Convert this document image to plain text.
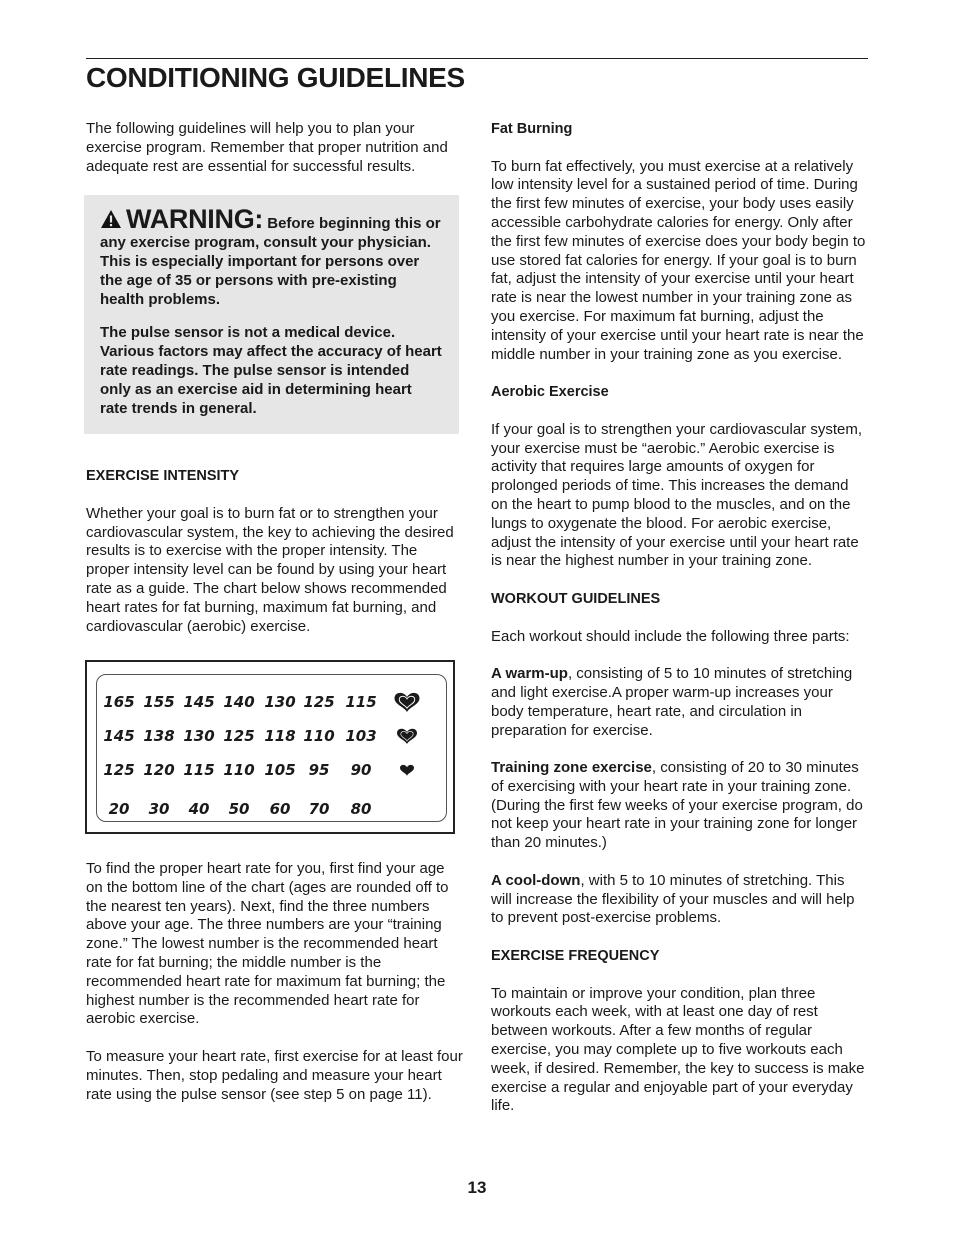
CONDITIONING GUIDELINES

The following guidelines will help you to plan your exercise program. Remember that proper nutrition and adequate rest are essential for successful results.

WARNING: Before beginning this or any exercise program, consult your physician. This is especially important for persons over the age of 35 or persons with pre-existing health problems.

The pulse sensor is not a medical device. Various factors may affect the accuracy of heart rate readings. The pulse sensor is intended only as an exercise aid in determining heart rate trends in general.

EXERCISE INTENSITY

Whether your goal is to burn fat or to strengthen your cardiovascular system, the key to achieving the desired results is to exercise with the proper intensity. The proper intensity level can be found by using your heart rate as a guide. The chart below shows recommended heart rates for fat burning, maximum fat burning, and cardiovascular (aerobic) exercise.

165 155 145 140 130 125 115
145 138 130 125 118 110 103
125 120 115 110 105 95 90
20 30 40 50 60 70 80

To find the proper heart rate for you, first find your age on the bottom line of the chart (ages are rounded off to the nearest ten years). Next, find the three numbers above your age. The three numbers are your “training zone.” The lowest number is the recommended heart rate for fat burning; the middle number is the recommended heart rate for maximum fat burning; the highest number is the recommended heart rate for aerobic exercise.

To measure your heart rate, first exercise for at least four minutes. Then, stop pedaling and measure your heart rate using the pulse sensor (see step 5 on page 11).

Fat Burning

To burn fat effectively, you must exercise at a relatively low intensity level for a sustained period of time. During the first few minutes of exercise, your body uses easily accessible carbohydrate calories for energy. Only after the first few minutes of exercise does your body begin to use stored fat calories for energy. If your goal is to burn fat, adjust the intensity of your exercise until your heart rate is near the lowest number in your training zone as you exercise. For maximum fat burning, adjust the intensity of your exercise until your heart rate is near the middle number in your training zone as you exercise.

Aerobic Exercise

If your goal is to strengthen your cardiovascular system, your exercise must be “aerobic.” Aerobic exercise is activity that requires large amounts of oxygen for prolonged periods of time. This increases the demand on the heart to pump blood to the muscles, and on the lungs to oxygenate the blood. For aerobic exercise, adjust the intensity of your exercise until your heart rate is near the highest number in your training zone.

WORKOUT GUIDELINES

Each workout should include the following three parts:

A warm-up, consisting of 5 to 10 minutes of stretching and light exercise.A proper warm-up increases your body temperature, heart rate, and circulation in preparation for exercise.

Training zone exercise, consisting of 20 to 30 minutes of exercising with your heart rate in your training zone. (During the first few weeks of your exercise program, do not keep your heart rate in your training zone for longer than 20 minutes.)

A cool-down, with 5 to 10 minutes of stretching. This will increase the flexibility of your muscles and will help to prevent post-exercise problems.

EXERCISE FREQUENCY

To maintain or improve your condition, plan three workouts each week, with at least one day of rest between workouts. After a few months of regular exercise, you may complete up to five workouts each week, if desired. Remember, the key to success is make exercise a regular and enjoyable part of your everyday life.

13
